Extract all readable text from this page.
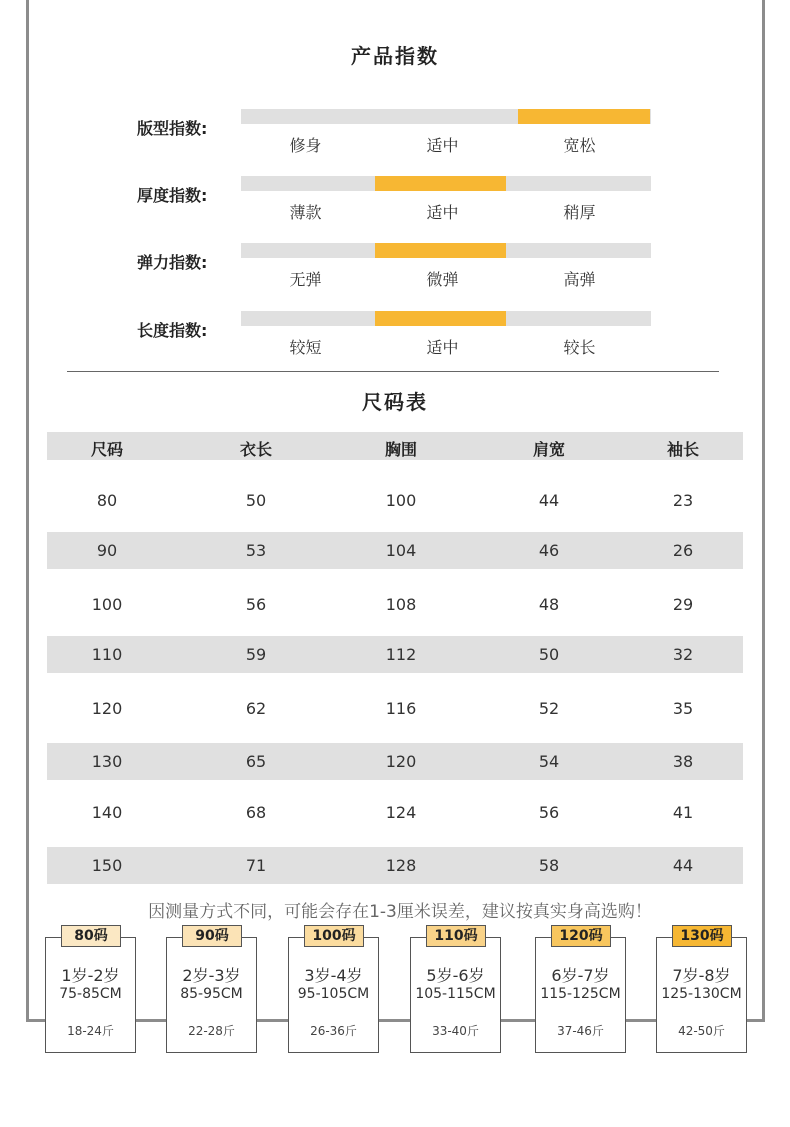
产品指数
版型指数:
修身	适中	宽松
厚度指数:
薄款	适中	稍厚
弹力指数:
无弹	微弹	高弹
长度指数:
较短	适中	较长
尺码表
尺码	衣长	胸围	肩宽	袖长
80	50	100	44	23
90	53	104	46	26
100	56	108	48	29
110	59	112	50	32
120	62	116	52	35
130	65	120	54	38
140	68	124	56	41
150	71	128	58	44
因测量方式不同，可能会存在1-3厘米误差，建议按真实身高选购！
1岁-2岁
75-85CM
18-24斤
80码
2岁-3岁
85-95CM
22-28斤
90码
3岁-4岁
95-105CM
26-36斤
100码
5岁-6岁
105-115CM
33-40斤
110码
6岁-7岁
115-125CM
37-46斤
120码
7岁-8岁
125-130CM
42-50斤
130码
